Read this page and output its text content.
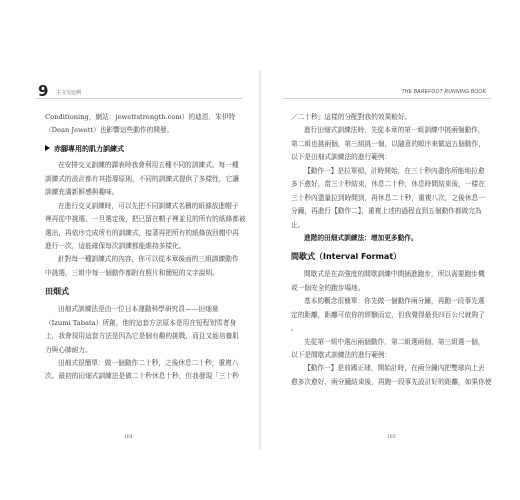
9 主文交比例
Conditioning，網站：jewettstrength.com）的迪恩．朱伊特
（Dean Jewett）也影響這些動作的開發。
赤腳專用的肌力訓練式
在安排交叉訓練的課表時我會利用五種不同的訓練式。每一種
訓練式的設計都有其指導原則，不同的訓練式提供了多樣性，它讓
訓練充滿新鮮感與趣味。
在進行交叉訓練時，可以先把不同訓練式名稱的紙條放進帽子
裡再從中挑選，一旦選定後，把已留在帽子裡並且的所有的紙條都被
選出，再依序完成所有的訓練式，接著再把所有的紙條放回帽中再
進行一次，這能確保每次訓練都能維持多樣化。
針對每一種訓練式的內容，你可以從本章後面的三組訓練動作
中挑選，三組中每一個動作都附有照片和簡短的文字說明。
田畑式
田畑式訓練法是由一位日本運動科學研究員——田畑泉
（Izumi Tabata）所創，他的這套方法原本是用在短程划雪者身
上，我會採用這套方法是因為它是個有趣的挑戰，而且又能培養肌
力與心肺耐力。
田畑式很簡單：做一個動作二十秒，之後休息二十秒，重複八
次。最初的田畑式訓練法是做二十秒休息十秒，但我發現「三十秒
164
THE BAREFOOT RUNNING BOOK
／二十秒」這樣的分配對我的效果較好。
進行田畑式訓練法時，先從本章的第一組訓練中挑兩個動作，
第二組也挑兩個，第三組挑一個，以隨意的順序來做這五個動作，
以下是田畑式訓練法的進行範例：
【動作一】是拉單槓，計時開始，在三十秒內盡你所能地拉愈
多下愈好，當三十秒結束，休息二十秒，休息時間結束後，一樣在
三十秒內盡量拉到時間到，再休息二十秒，重複八次，之後休息一
分鐘，再進行【動作二】，重複上述的過程直到五個動作都做完為
止。
進階的田畑式訓練法：增加更多動作。
間歇式（Interval Format）
間歇式是在高強度的間歇訓練中間插進跑步，所以需要跑步機
或一個安全的跑步場地。
基本的概念很簡單：你先做一個動作兩分鐘，再跑一段事先選
定的距離，距離可依你的經驗而定，但我覺得最長四百公尺就夠了
。
先從第一組中選出兩個動作，第二組選兩個，第三組選一個，
以下是間歇式訓練法的進行範例：
【動作一】是前踢正球，開始計時，在兩分鐘內把雙球向上丟
愈多次愈好，兩分鐘結束後，再跑一段事先設計好的距離，如果你使
165
